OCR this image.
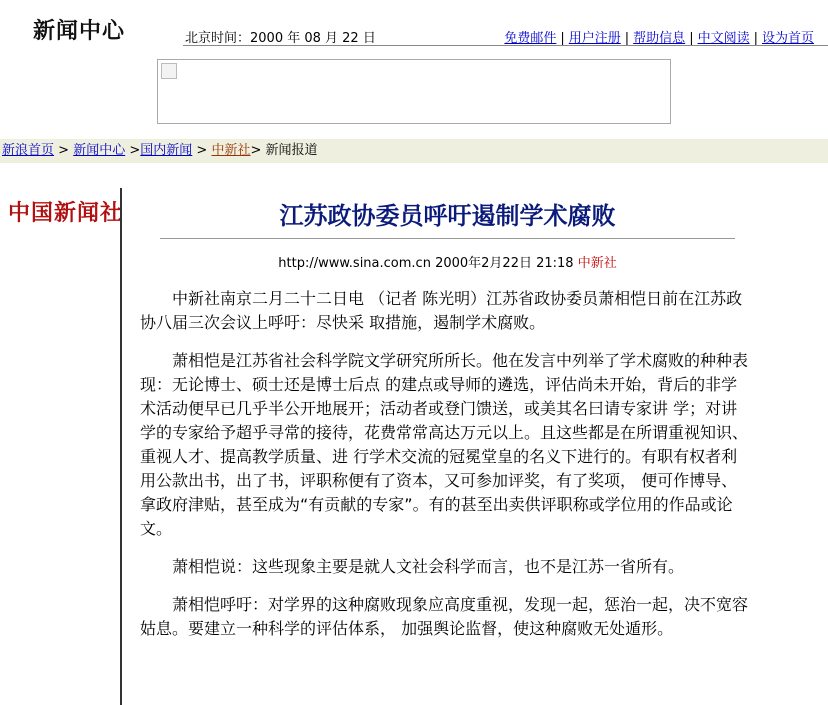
新闻中心	北京时间：2000 年 08 月 22 日	免费邮件 | 用户注册 | 帮助信息 | 中文阅读 | 设为首页
新浪首页 > 新闻中心 >国内新闻 > 中新社> 新闻报道
中国新闻社	江苏政协委员呼吁遏制学术腐败
http://www.sina.com.cn 2000年2月22日 21:18 中新社

中新社南京二月二十二日电 （记者 陈光明）江苏省政协委员萧相恺日前在江苏政协八届三次会议上呼吁：尽快采 取措施，遏制学术腐败。

萧相恺是江苏省社会科学院文学研究所所长。他在发言中列举了学术腐败的种种表现：无论博士、硕士还是博士后点 的建点或导师的遴选，评估尚未开始，背后的非学术活动便早已几乎半公开地展开；活动者或登门馈送，或美其名曰请专家讲 学；对讲学的专家给予超乎寻常的接待，花费常常高达万元以上。且这些都是在所谓重视知识、重视人才、提高教学质量、进 行学术交流的冠冕堂皇的名义下进行的。有职有权者利用公款出书，出了书，评职称便有了资本，又可参加评奖，有了奖项， 便可作博导、拿政府津贴，甚至成为“有贡献的专家”。有的甚至出卖供评职称或学位用的作品或论文。

萧相恺说：这些现象主要是就人文社会科学而言，也不是江苏一省所有。

萧相恺呼吁：对学界的这种腐败现象应高度重视，发现一起，惩治一起，决不宽容姑息。要建立一种科学的评估体系， 加强舆论监督，使这种腐败无处遁形。
